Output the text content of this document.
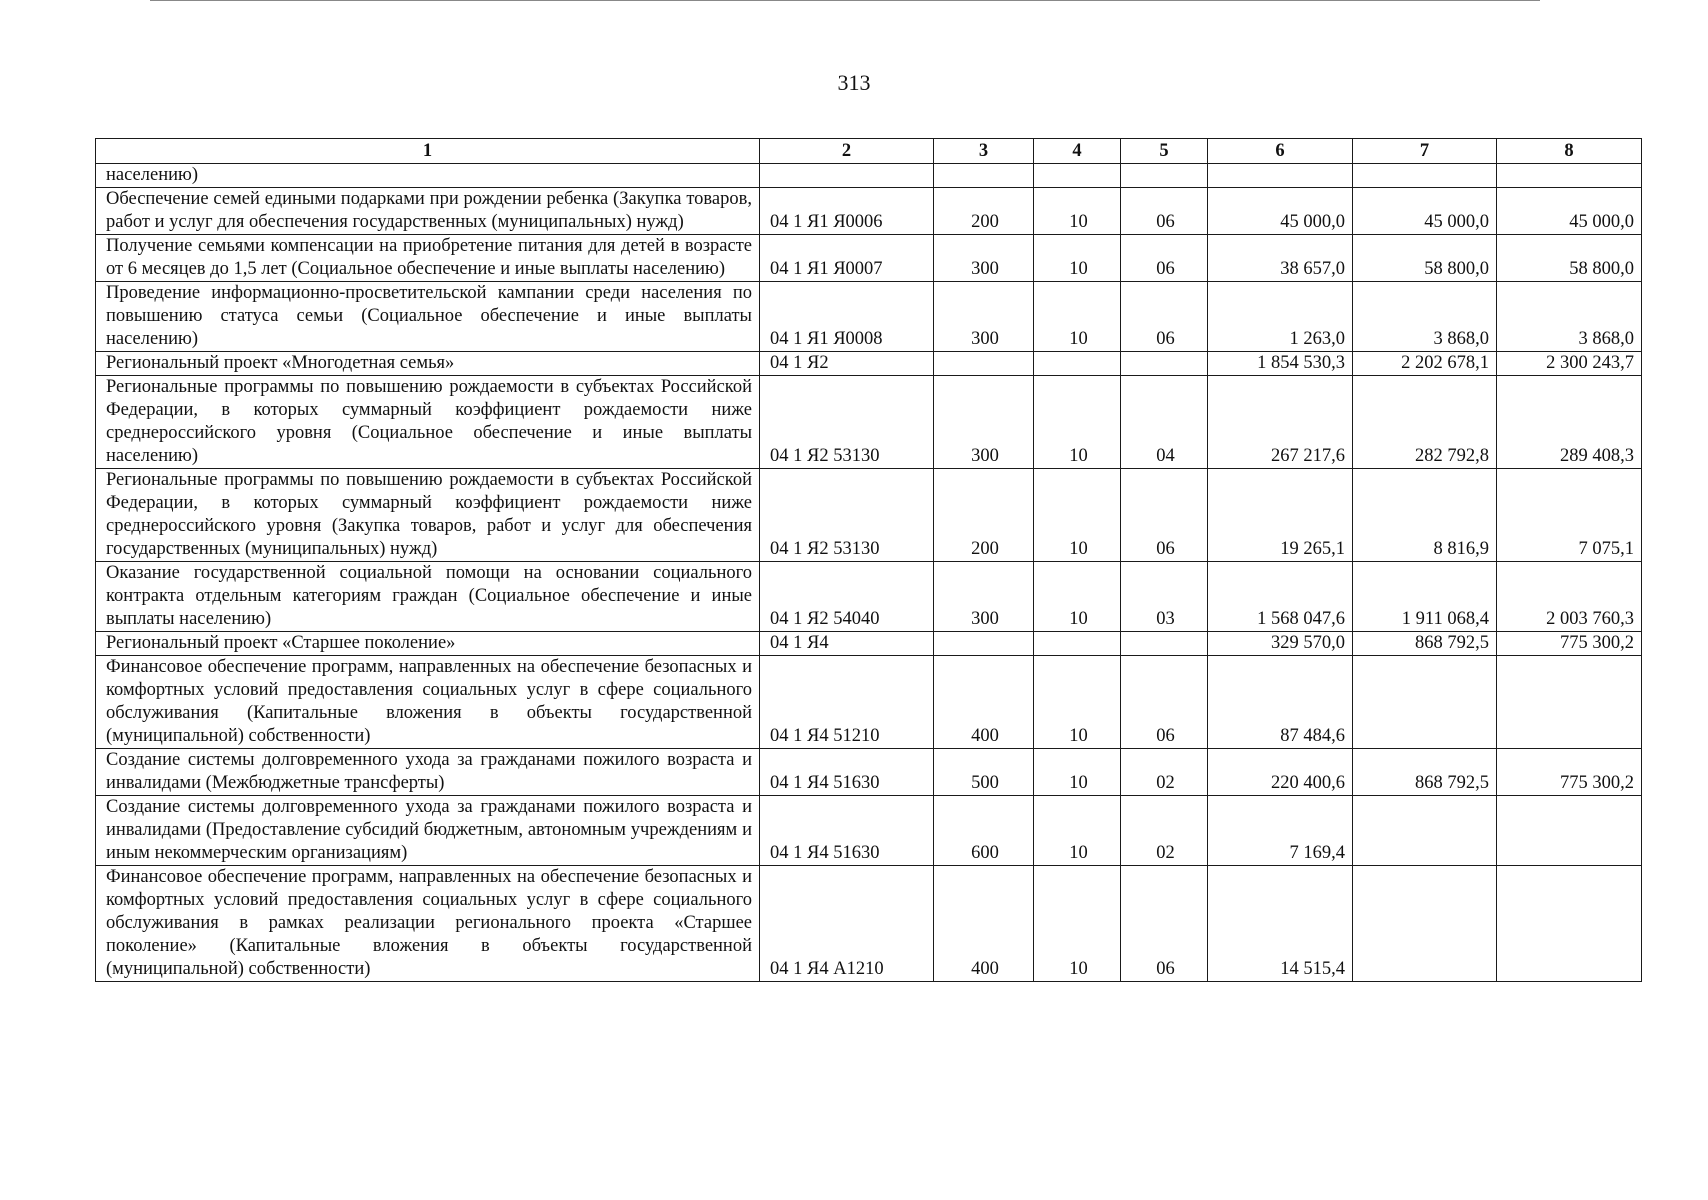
313
1	2	3	4	5	6	7	8
населению)							
Обеспечение семей едиными подарками при рождении ребенка (Закупка товаров, работ и услуг для обеспечения государственных (муниципальных) нужд)	04 1 Я1 Я0006	200	10	06	45 000,0	45 000,0	45 000,0
Получение семьями компенсации на приобретение питания для детей в возрасте от 6 месяцев до 1,5 лет (Социальное обеспечение и иные выплаты населению)	04 1 Я1 Я0007	300	10	06	38 657,0	58 800,0	58 800,0
Проведение информационно-просветительской кампании среди населения по повышению статуса семьи (Социальное обеспечение и иные выплаты населению)	04 1 Я1 Я0008	300	10	06	1 263,0	3 868,0	3 868,0
Региональный проект «Многодетная семья»	04 1 Я2				1 854 530,3	2 202 678,1	2 300 243,7
Региональные программы по повышению рождаемости в субъектах Российской Федерации, в которых суммарный коэффициент рождаемости ниже среднероссийского уровня (Социальное обеспечение и иные выплаты населению)	04 1 Я2 53130	300	10	04	267 217,6	282 792,8	289 408,3
Региональные программы по повышению рождаемости в субъектах Российской Федерации, в которых суммарный коэффициент рождаемости ниже среднероссийского уровня (Закупка товаров, работ и услуг для обеспечения государственных (муниципальных) нужд)	04 1 Я2 53130	200	10	06	19 265,1	8 816,9	7 075,1
Оказание государственной социальной помощи на основании социального контракта отдельным категориям граждан (Социальное обеспечение и иные выплаты населению)	04 1 Я2 54040	300	10	03	1 568 047,6	1 911 068,4	2 003 760,3
Региональный проект «Старшее поколение»	04 1 Я4				329 570,0	868 792,5	775 300,2
Финансовое обеспечение программ, направленных на обеспечение безопасных и комфортных условий предоставления социальных услуг в сфере социального обслуживания (Капитальные вложения в объекты государственной (муниципальной) собственности)	04 1 Я4 51210	400	10	06	87 484,6		
Создание системы долговременного ухода за гражданами пожилого возраста и инвалидами (Межбюджетные трансферты)	04 1 Я4 51630	500	10	02	220 400,6	868 792,5	775 300,2
Создание системы долговременного ухода за гражданами пожилого возраста и инвалидами (Предоставление субсидий бюджетным, автономным учреждениям и иным некоммерческим организациям)	04 1 Я4 51630	600	10	02	7 169,4		
Финансовое обеспечение программ, направленных на обеспечение безопасных и комфортных условий предоставления социальных услуг в сфере социального обслуживания в рамках реализации регионального проекта «Старшее поколение» (Капитальные вложения в объекты государственной (муниципальной) собственности)	04 1 Я4 A1210	400	10	06	14 515,4		
